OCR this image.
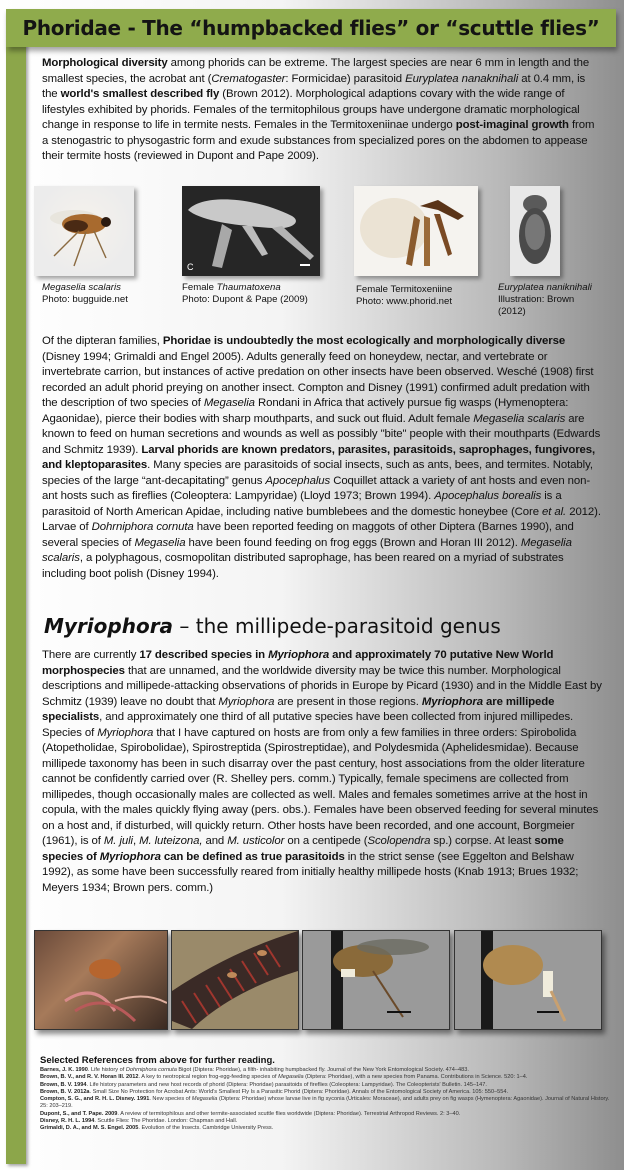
Phoridae - The “humpbacked flies” or “scuttle flies”

Morphological diversity among phorids can be extreme. The largest species are near 6 mm in length and the smallest species, the acrobat ant (Crematogaster: Formicidae) parasitoid Euryplatea nanaknihali at 0.4 mm, is the world's smallest described fly (Brown 2012). Morphological adaptions covary with the wide range of lifestyles exhibited by phorids. Females of the termitophilous groups have undergone dramatic morphological change in response to life in termite nests. Females in the Termitoxeniinae undergo post-imaginal growth from a stenogastric to physogastric form and exude substances from specialized pores on the abdomen to appease their termite hosts (reviewed in Dupont and Pape 2009).

Megaselia scalaris
Photo: bugguide.net
C
Female Thaumatoxena
Photo: Dupont & Pape (2009)
Female Termitoxeniine
Photo: www.phorid.net
Euryplatea naniknihali
Illustration: Brown (2012)

Of the dipteran families, Phoridae is undoubtedly the most ecologically and morphologically diverse (Disney 1994; Grimaldi and Engel 2005). Adults generally feed on honeydew, nectar, and vertebrate or invertebrate carrion, but instances of active predation on other insects have been observed. Wesché (1908) first recorded an adult phorid preying on another insect. Compton and Disney (1991) confirmed adult predation with the description of two species of Megaselia Rondani in Africa that actively pursue fig wasps (Hymenoptera: Agaonidae), pierce their bodies with sharp mouthparts, and suck out fluid. Adult female Megaselia scalaris are known to feed on human secretions and wounds as well as possibly "bite" people with their mouthparts (Edwards and Schmitz 1939). Larval phorids are known predators, parasites, parasitoids, saprophages, fungivores, and kleptoparasites. Many species are parasitoids of social insects, such as ants, bees, and termites. Notably, species of the large “ant-decapitating” genus Apocephalus Coquillet attack a variety of ant hosts and even non-ant hosts such as fireflies (Coleoptera: Lampyridae) (Lloyd 1973; Brown 1994). Apocephalus borealis is a parasitoid of North American Apidae, including native bumblebees and the domestic honeybee (Core et al. 2012). Larvae of Dohrniphora cornuta have been reported feeding on maggots of other Diptera (Barnes 1990), and several species of Megaselia have been found feeding on frog eggs (Brown and Horan III 2012). Megaselia scalaris, a polyphagous, cosmopolitan distributed saprophage, has been reared on a myriad of substrates including boot polish (Disney 1994).

Myriophora – the millipede-parasitoid genus

There are currently 17 described species in Myriophora and approximately 70 putative New World morphospecies that are unnamed, and the worldwide diversity may be twice this number. Morphological descriptions and millipede-attacking observations of phorids in Europe by Picard (1930) and in the Middle East by Schmitz (1939) leave no doubt that Myriophora are present in those regions. Myriophora are millipede specialists, and approximately one third of all putative species have been collected from injured millipedes. Species of Myriophora that I have captured on hosts are from only a few families in three orders: Spirobolida (Atopetholidae, Spirobolidae), Spirostreptida (Spirostreptidae), and Polydesmida (Aphelidesmidae). Because millipede taxonomy has been in such disarray over the past century, host associations from the older literature cannot be confidently carried over (R. Shelley pers. comm.) Typically, female specimens are collected from millipedes, though occasionally males are collected as well. Males and females sometimes arrive at the host in copula, with the males quickly flying away (pers. obs.). Females have been observed feeding for several minutes on a host and, if disturbed, will quickly return. Other hosts have been recorded, and one account, Borgmeier (1961), is of M. juli, M. luteizona, and M. usticolor on a centipede (Scolopendra sp.) corpse. At least some species of Myriophora can be defined as true parasitoids in the strict sense (see Eggelton and Belshaw 1992), as some have been successfully reared from initially healthy millipede hosts (Knab 1913; Brues 1932; Meyers 1934; Brown pers. comm.)

Selected References from above for further reading.

Barnes, J. K. 1990. Life history of Dohrniphora cornuta Bigot (Diptera: Phoridae), a filth- inhabiting humpbacked fly. Journal of the New York Entomological Society. 474–483.

Brown, B. V., and R. V. Horan III. 2012. A key to neotropical region frog-egg-feeding species of Megaselia (Diptera: Phoridae), with a new species from Panama. Contributions in Science. 520: 1–4.

Brown, B. V. 1994. Life history parameters and new host records of phorid (Diptera: Phoridae) parasitoids of fireflies (Coleoptera: Lampyridae). The Coleopterists' Bulletin. 145–147.

Brown, B. V. 2012a. Small Size No Protection for Acrobat Ants: World's Smallest Fly Is a Parasitic Phorid (Diptera: Phoridae). Annals of the Entomological Society of America. 105: 550–554.

Compton, S. G., and R. H. L. Disney. 1991. New species of Megaselia (Diptera: Phoridae) whose larvae live in fig syconia (Urticales: Moraceae), and adults prey on fig wasps (Hymenoptera: Agaonidae). Journal of Natural History. 25: 203–219.

Dupont, S., and T. Pape. 2009. A review of termitophilous and other termite-associated scuttle flies worldwide (Diptera: Phoridae). Terrestrial Arthropod Reviews. 2: 3–40.

Disney, R. H. L. 1994. Scuttle Flies: The Phoridae. London: Chapman and Hall.

Grimaldi, D. A., and M. S. Engel. 2005. Evolution of the Insects. Cambridge University Press.
